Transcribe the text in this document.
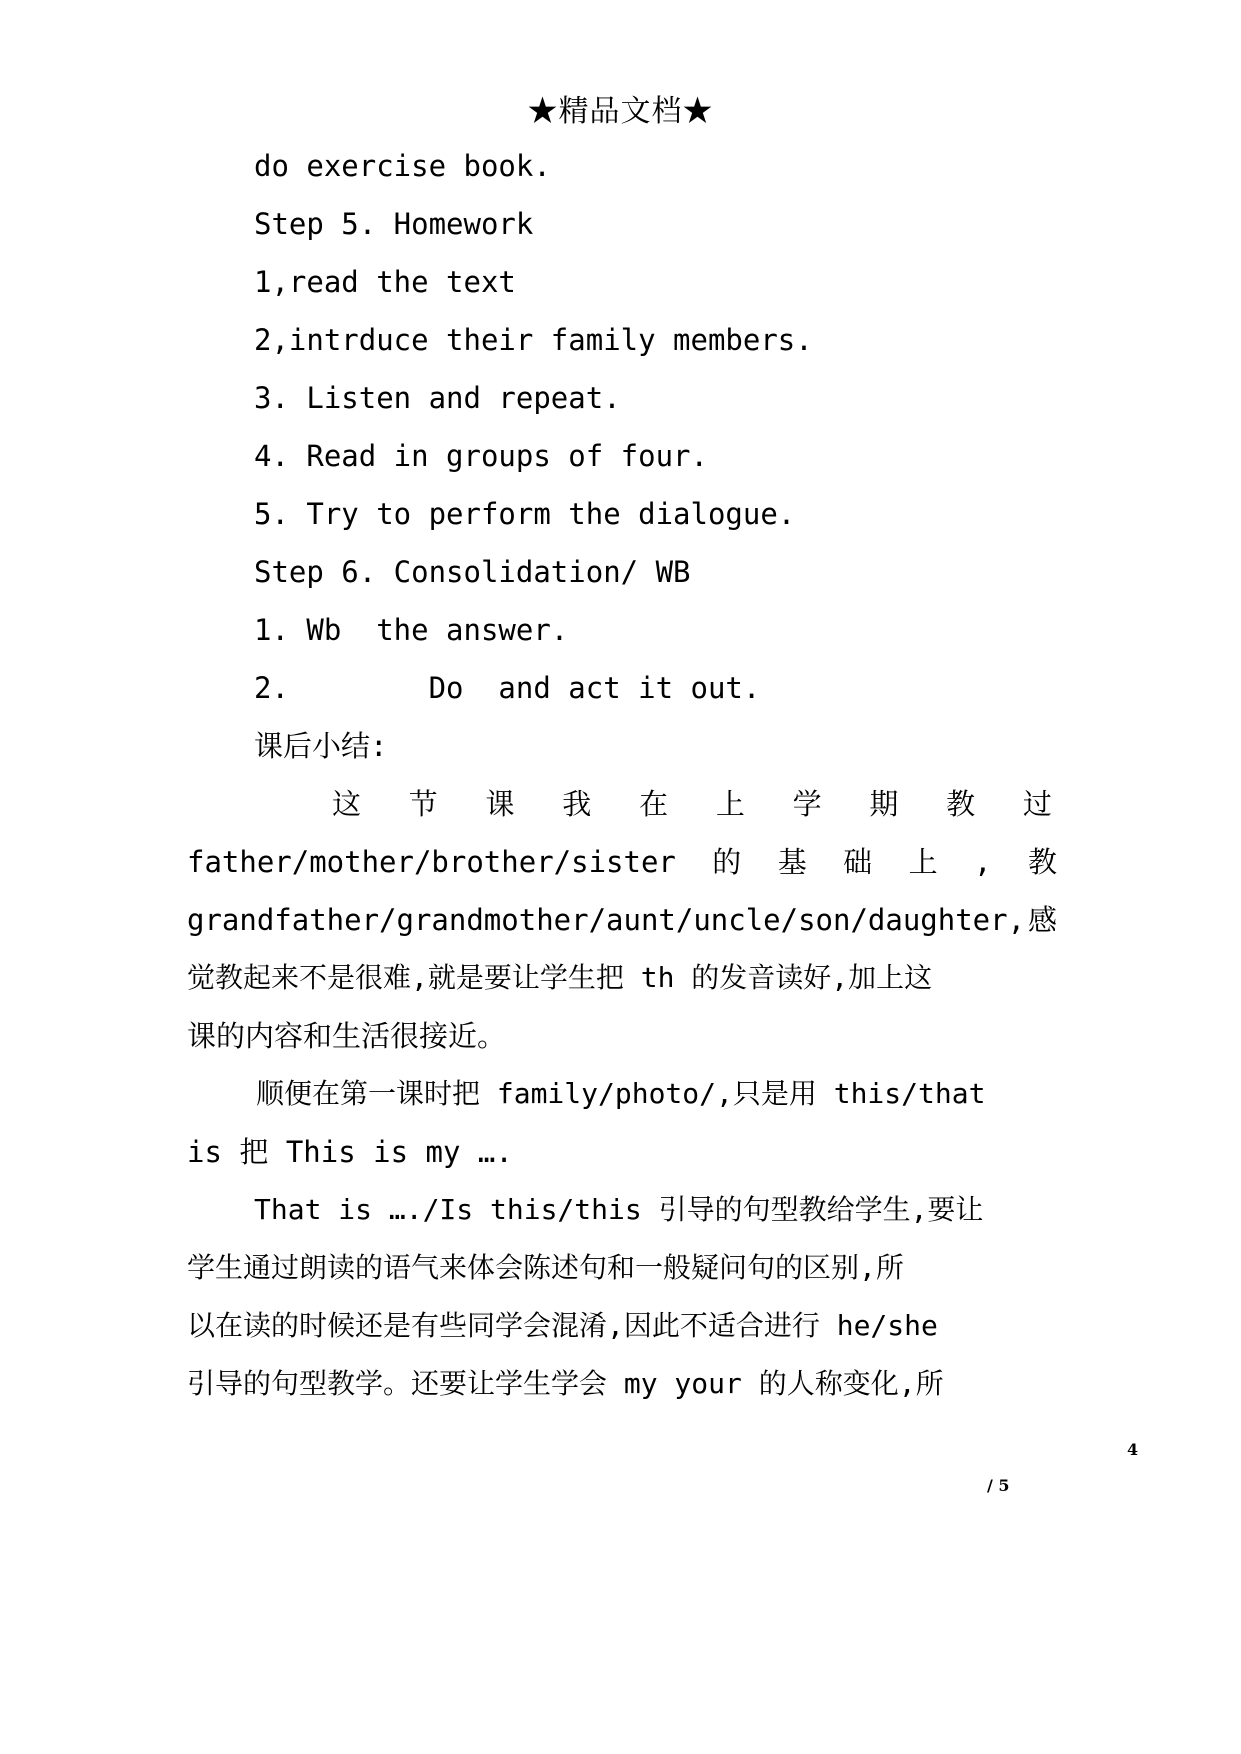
★精品文档★
do exercise book.
Step 5. Homework
1,read the text
2,intrduce their family members.
3. Listen and repeat.
4. Read in groups of four.
5. Try to perform the dialogue.
Step 6. Consolidation/ WB
1. Wb  the answer.
2.        Do  and act it out.
课后小结:
这 节 课 我 在 上 学 期 教 过
father/mother/brother/sister 的 基 础 上 , 教
grandfather/grandmother/aunt/uncle/son/daughter, 感
觉教起来不是很难,就是要让学生把 th 的发音读好,加上这
课的内容和生活很接近。
顺便在第一课时把 family/photo/,只是用 this/that
is 把 This is my ….
That is …./Is this/this 引导的句型教给学生,要让
学生通过朗读的语气来体会陈述句和一般疑问句的区别,所
以在读的时候还是有些同学会混淆,因此不适合进行 he/she
引导的句型教学。还要让学生学会 my your 的人称变化,所
4
/ 5
